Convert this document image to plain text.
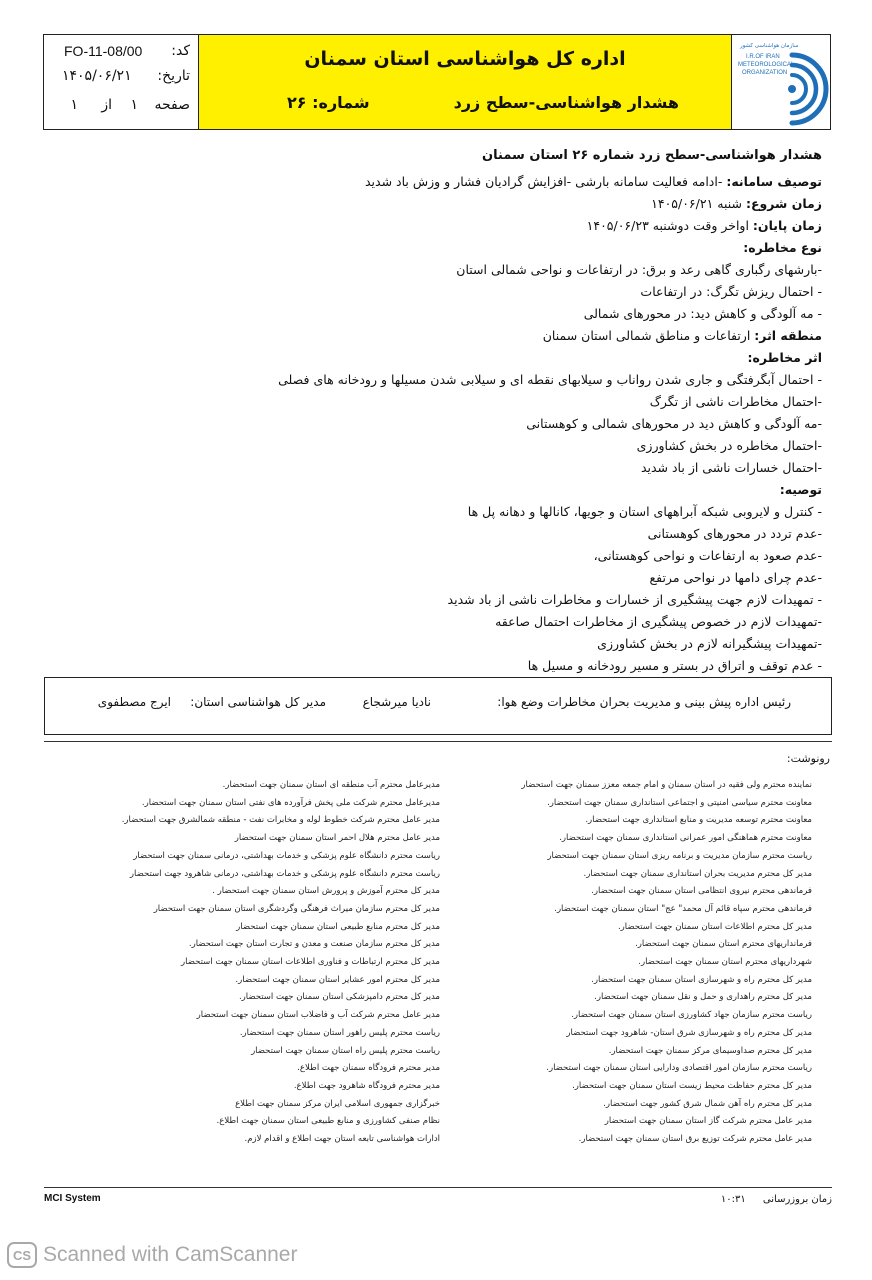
کد:
FO-11-08/00
تاریخ:
۱۴۰۵/۰۶/۲۱
صفحه
۱
از
۱
اداره کل هواشناسی استان سمنان
هشدار هواشناسی-سطح زرد
شماره: ۲۶
سازمان هواشناسی کشور
I.R.OF IRAN
METEOROLOGICAL
ORGANIZATION
هشدار هواشناسی-سطح زرد شماره ۲۶ استان سمنان
توصیف سامانه: -ادامه فعالیت سامانه بارشی -افزایش گرادیان فشار و وزش باد شدید
زمان شروع: شنبه ۱۴۰۵/۰۶/۲۱
زمان پایان: اواخر وقت دوشنبه ۱۴۰۵/۰۶/۲۳
نوع مخاطره:
-بارشهای رگباری گاهی رعد و برق: در ارتفاعات و نواحی شمالی استان
- احتمال ریزش تگرگ: در ارتفاعات
- مه آلودگی و کاهش دید: در محورهای شمالی
منطقه اثر: ارتفاعات و مناطق شمالی استان سمنان
اثر مخاطره:
- احتمال آبگرفتگی و جاری شدن رواناب و سیلابهای نقطه ای و سیلابی شدن مسیلها و رودخانه های فصلی
-احتمال مخاطرات ناشی از تگرگ
-مه آلودگی و کاهش دید در محورهای شمالی و کوهستانی
-احتمال مخاطره در بخش کشاورزی
-احتمال خسارات ناشی از باد شدید
توصیه:
- کنترل و لایروبی شبکه آبراههای استان و جویها، کانالها و دهانه پل ها
-عدم تردد در محورهای کوهستانی
-عدم صعود به ارتفاعات و نواحی کوهستانی،
-عدم چرای دامها در نواحی مرتفع
- تمهیدات لازم جهت پیشگیری از خسارات و مخاطرات ناشی از باد شدید
-تمهیدات لازم در خصوص پیشگیری از مخاطرات احتمال صاعقه
-تمهیدات پیشگیرانه لازم در بخش کشاورزی
- عدم توقف و اتراق در بستر و مسیر رودخانه و مسیل ها
رئیس اداره پیش بینی و مدیریت بحران مخاطرات وضع هوا:
نادیا میرشجاع
مدیر کل هواشناسی استان:
ایرج مصطفوی
رونوشت:
نماینده محترم ولی فقیه در استان سمنان و امام جمعه معزز سمنان جهت استحضار
معاونت محترم سیاسی امنیتی و اجتماعی استانداری سمنان جهت استحضار.
معاونت محترم توسعه مدیریت و منابع استانداری جهت استحضار.
معاونت محترم هماهنگی امور عمرانی استانداری سمنان جهت استحضار.
ریاست محترم سازمان مدیریت و برنامه ریزی استان سمنان جهت استحضار
مدیر کل محترم مدیریت بحران استانداری سمنان جهت استحضار.
فرماندهی محترم نیروی انتظامی استان سمنان جهت استحضار.
فرماندهی محترم سپاه قائم آل محمد" عج" استان سمنان جهت استحضار.
مدیر کل محترم اطلاعات استان سمنان جهت استحضار.
فرمانداریهای محترم استان سمنان جهت استحضار.
شهرداریهای محترم استان سمنان جهت استحضار.
مدیر کل محترم راه و شهرسازی استان سمنان جهت استحضار.
مدیر کل محترم راهداری و حمل و نقل سمنان جهت استحضار.
ریاست محترم سازمان جهاد کشاورزی استان سمنان جهت استحضار.
مدیر کل محترم راه و شهرسازی شرق استان- شاهرود جهت استحضار
مدیر کل محترم صداوسیمای مرکز سمنان جهت استحضار.
ریاست محترم سازمان امور اقتصادی ودارایی استان سمنان جهت استحضار.
مدیر کل محترم حفاظت محیط زیست استان سمنان جهت استحضار.
مدیر کل محترم راه آهن شمال شرق کشور جهت استحضار.
مدیر عامل محترم شرکت گاز استان سمنان جهت استحضار
مدیر عامل محترم شرکت توزیع برق استان سمنان جهت استحضار.
مدیرعامل محترم آب منطقه ای استان سمنان جهت استحضار.
مدیرعامل محترم شرکت ملی پخش فرآورده های نفتی استان سمنان جهت استحضار.
مدیر عامل محترم شرکت خطوط لوله و مخابرات نفت - منطقه شمالشرق جهت استحضار.
مدیر عامل محترم هلال احمر استان سمنان جهت استحضار
ریاست محترم دانشگاه علوم پزشکی و خدمات بهداشتی، درمانی سمنان جهت استحضار
ریاست محترم دانشگاه علوم پزشکی و خدمات بهداشتی، درمانی شاهرود جهت استحضار
مدیر کل محترم آموزش و پرورش استان سمنان جهت استحضار .
مدیر کل محترم سازمان میراث فرهنگی وگردشگری استان سمنان جهت استحضار
مدیر کل محترم منابع طبیعی استان سمنان جهت استحضار
مدیر کل محترم سازمان صنعت و معدن و تجارت استان جهت استحضار.
مدیر کل محترم ارتباطات و فناوری اطلاعات استان سمنان جهت استحضار
مدیر کل محترم امور عشایر استان سمنان جهت استحضار.
مدیر کل محترم دامپزشکی استان سمنان جهت استحضار.
مدیر عامل محترم شرکت آب و فاضلاب استان سمنان جهت استحضار
ریاست محترم پلیس راهور استان سمنان جهت استحضار.
ریاست محترم پلیس راه استان سمنان جهت استحضار
مدیر محترم فرودگاه سمنان جهت اطلاع.
مدیر محترم فرودگاه شاهرود جهت اطلاع.
خبرگزاری جمهوری اسلامی ایران مرکز سمنان جهت اطلاع
نظام صنفی کشاورزی و منابع طبیعی استان سمنان جهت اطلاع.
ادارات هواشناسی تابعه استان جهت اطلاع و اقدام لازم.
MCI System	زمان بروزرسانی ۱۰:۳۱
CS Scanned with CamScanner
